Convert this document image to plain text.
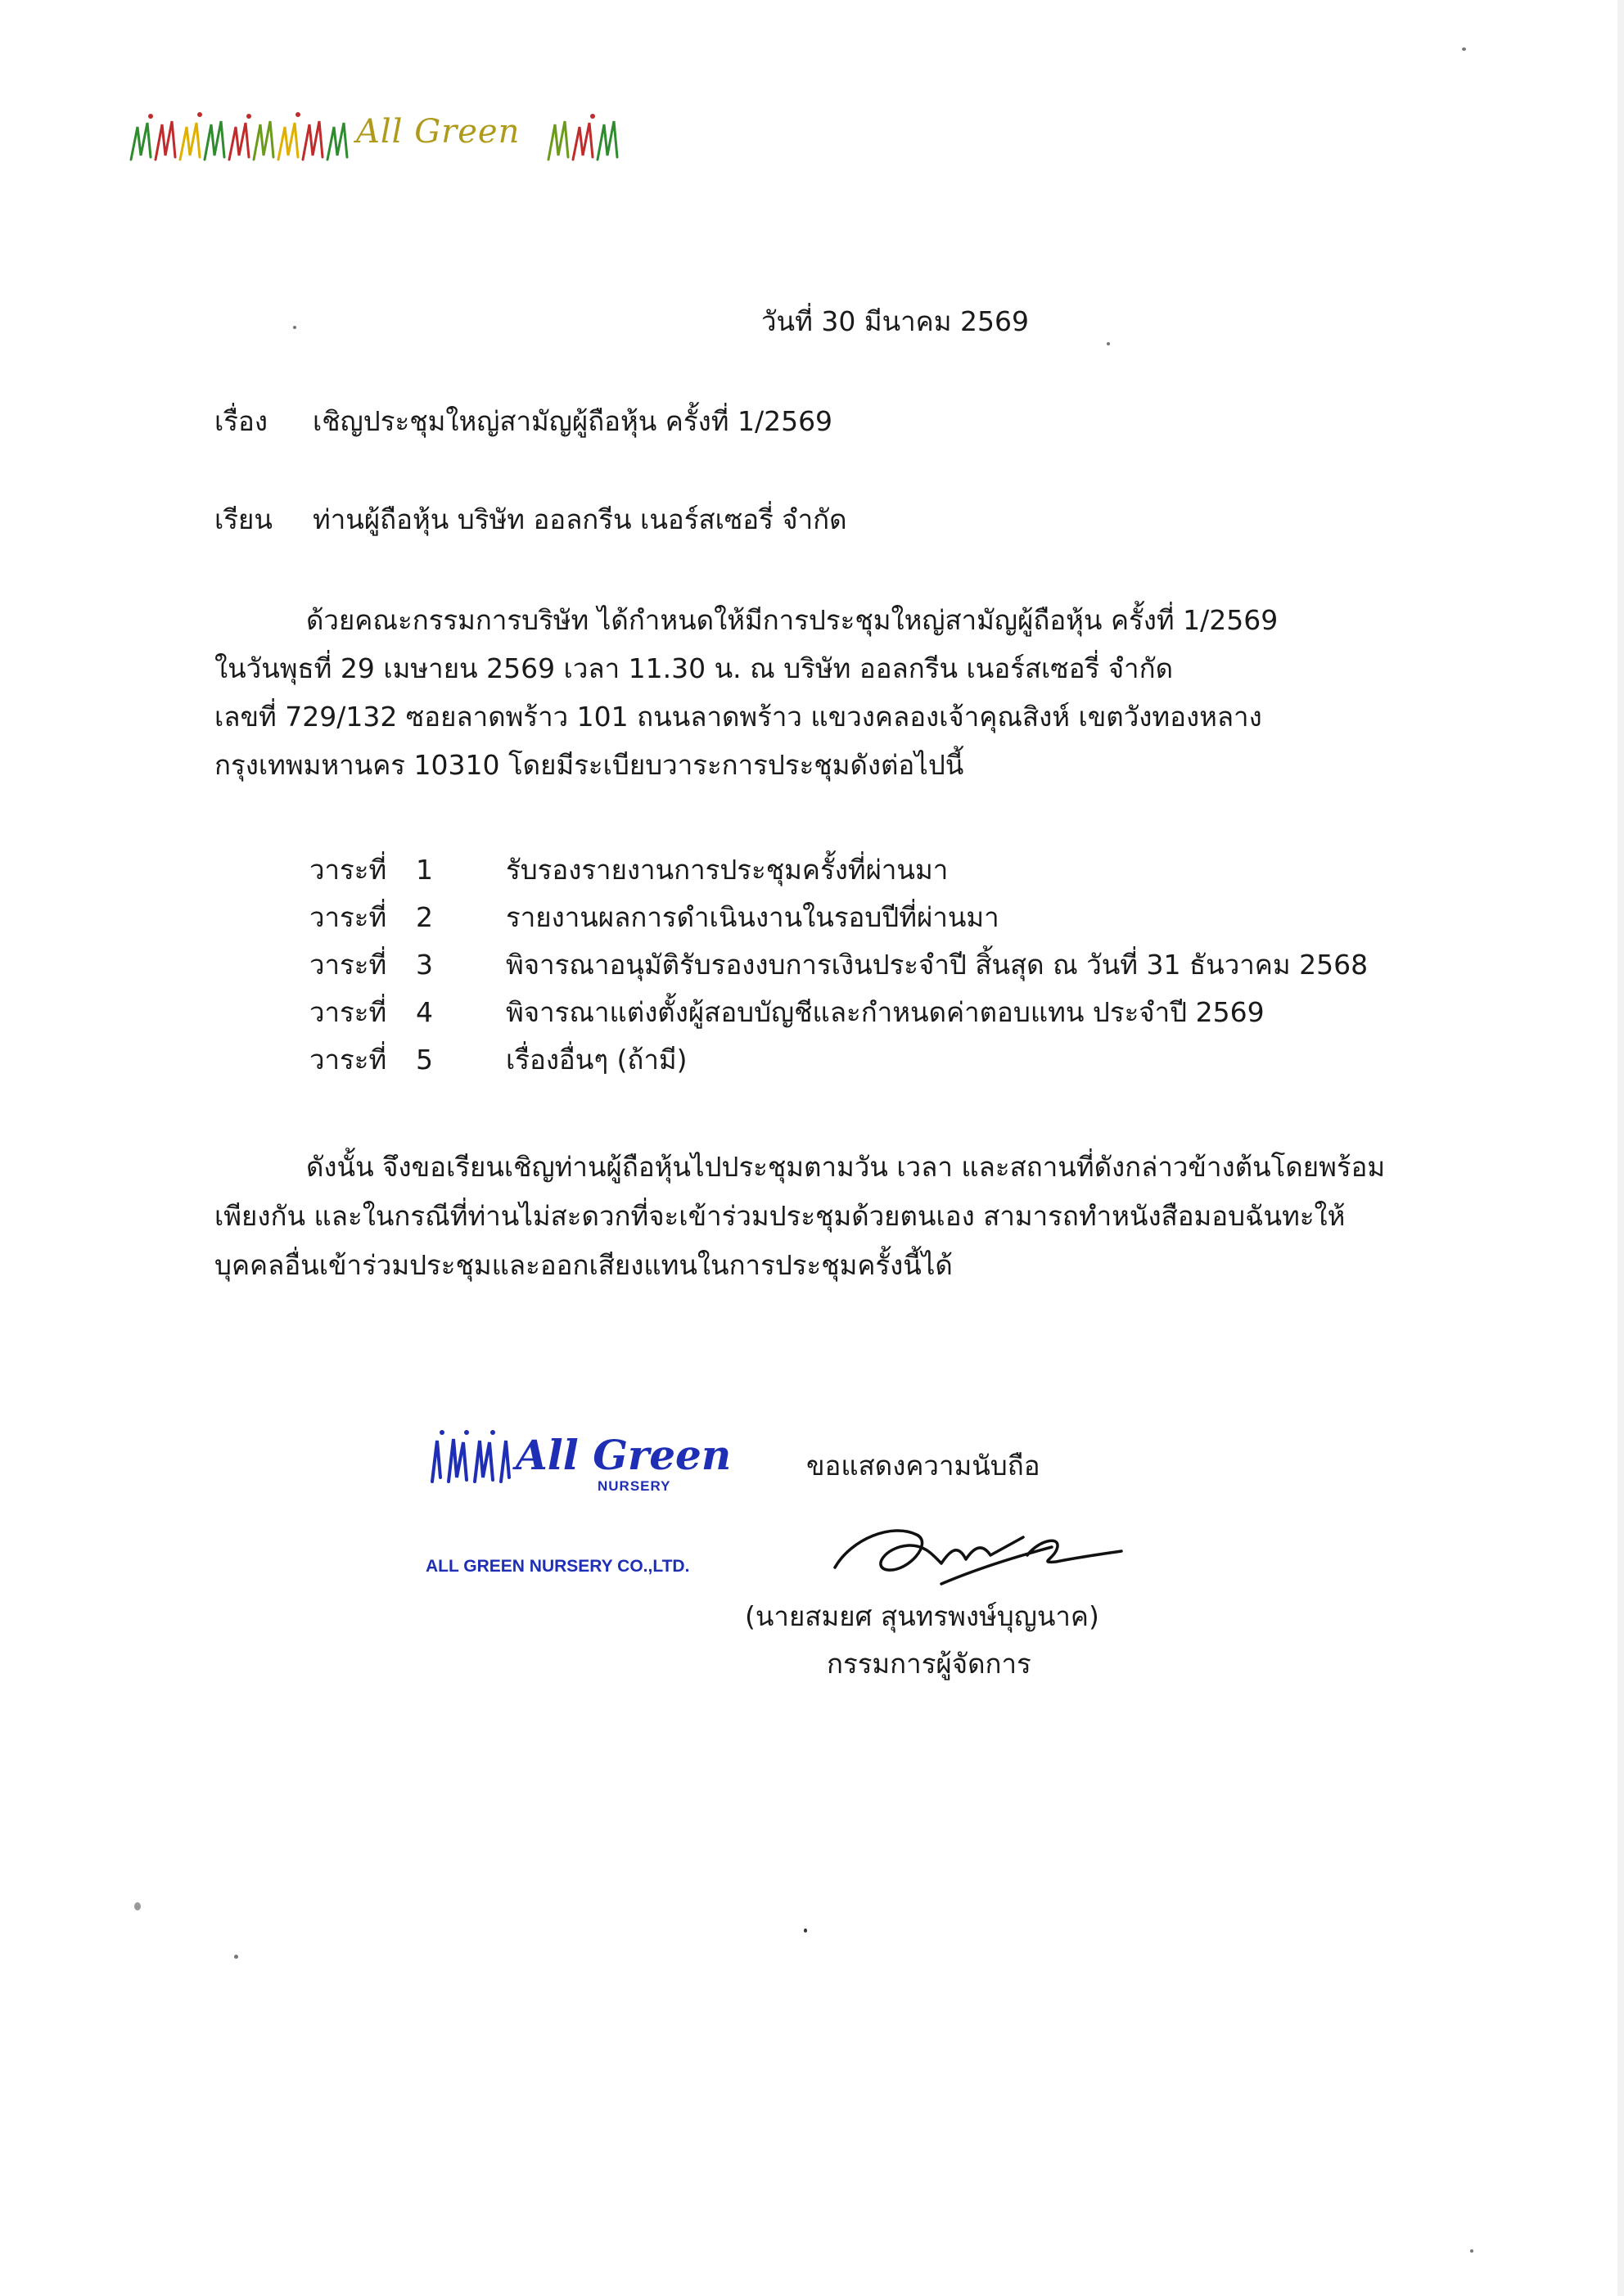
All Green
วันที่ 30 มีนาคม 2569
เรื่อง	เชิญประชุมใหญ่สามัญผู้ถือหุ้น ครั้งที่ 1/2569
เรียน	ท่านผู้ถือหุ้น บริษัท ออลกรีน เนอร์สเซอรี่ จำกัด
ด้วยคณะกรรมการบริษัท ได้กำหนดให้มีการประชุมใหญ่สามัญผู้ถือหุ้น ครั้งที่ 1/2569
ในวันพุธที่ 29 เมษายน 2569 เวลา 11.30 น. ณ บริษัท ออลกรีน เนอร์สเซอรี่ จำกัด
เลขที่ 729/132 ซอยลาดพร้าว 101 ถนนลาดพร้าว แขวงคลองเจ้าคุณสิงห์ เขตวังทองหลาง
กรุงเทพมหานคร 10310 โดยมีระเบียบวาระการประชุมดังต่อไปนี้
วาระที่	1	รับรองรายงานการประชุมครั้งที่ผ่านมา
วาระที่	2	รายงานผลการดำเนินงานในรอบปีที่ผ่านมา
วาระที่	3	พิจารณาอนุมัติรับรองงบการเงินประจำปี สิ้นสุด ณ วันที่ 31 ธันวาคม 2568
วาระที่	4	พิจารณาแต่งตั้งผู้สอบบัญชีและกำหนดค่าตอบแทน ประจำปี 2569
วาระที่	5	เรื่องอื่นๆ (ถ้ามี)
ดังนั้น จึงขอเรียนเชิญท่านผู้ถือหุ้นไปประชุมตามวัน เวลา และสถานที่ดังกล่าวข้างต้นโดยพร้อม
เพียงกัน และในกรณีที่ท่านไม่สะดวกที่จะเข้าร่วมประชุมด้วยตนเอง สามารถทำหนังสือมอบฉันทะให้
บุคคลอื่นเข้าร่วมประชุมและออกเสียงแทนในการประชุมครั้งนี้ได้
All Green
NURSERY
ALL GREEN NURSERY CO.,LTD.
ขอแสดงความนับถือ
(นายสมยศ สุนทรพงษ์บุญนาค)
กรรมการผู้จัดการ
